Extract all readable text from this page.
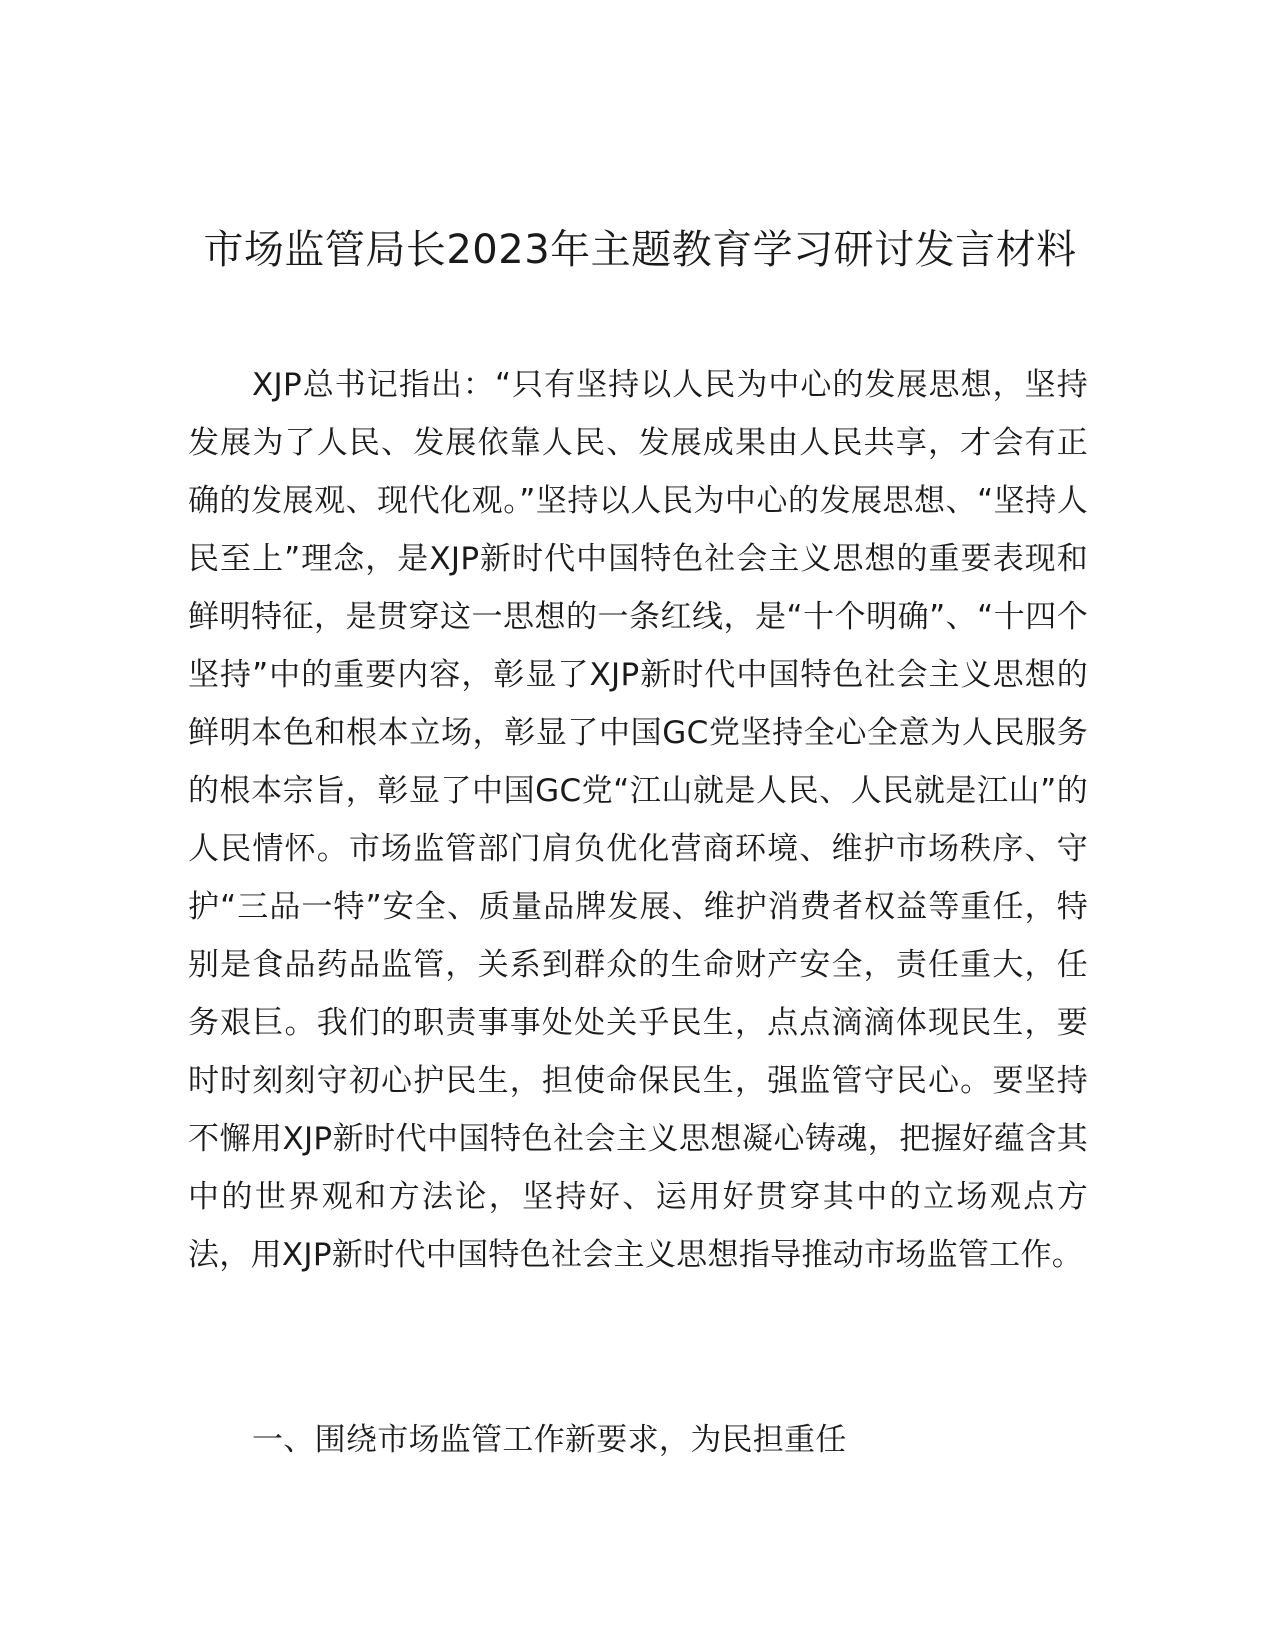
市场监管局长2023年主题教育学习研讨发言材料

XJP总书记指出：“只有坚持以人民为中心的发展思想，坚持发展为了人民、发展依靠人民、发展成果由人民共享，才会有正确的发展观、现代化观。”坚持以人民为中心的发展思想、“坚持人民至上”理念，是XJP新时代中国特色社会主义思想的重要表现和鲜明特征，是贯穿这一思想的一条红线，是“十个明确”、“十四个坚持”中的重要内容，彰显了XJP新时代中国特色社会主义思想的鲜明本色和根本立场，彰显了中国GC党坚持全心全意为人民服务的根本宗旨，彰显了中国GC党“江山就是人民、人民就是江山”的人民情怀。市场监管部门肩负优化营商环境、维护市场秩序、守护“三品一特”安全、质量品牌发展、维护消费者权益等重任，特别是食品药品监管，关系到群众的生命财产安全，责任重大，任务艰巨。我们的职责事事处处关乎民生，点点滴滴体现民生，要时时刻刻守初心护民生，担使命保民生，强监管守民心。要坚持不懈用XJP新时代中国特色社会主义思想凝心铸魂，把握好蕴含其中的世界观和方法论，坚持好、运用好贯穿其中的立场观点方法，用XJP新时代中国特色社会主义思想指导推动市场监管工作。

一、围绕市场监管工作新要求，为民担重任
